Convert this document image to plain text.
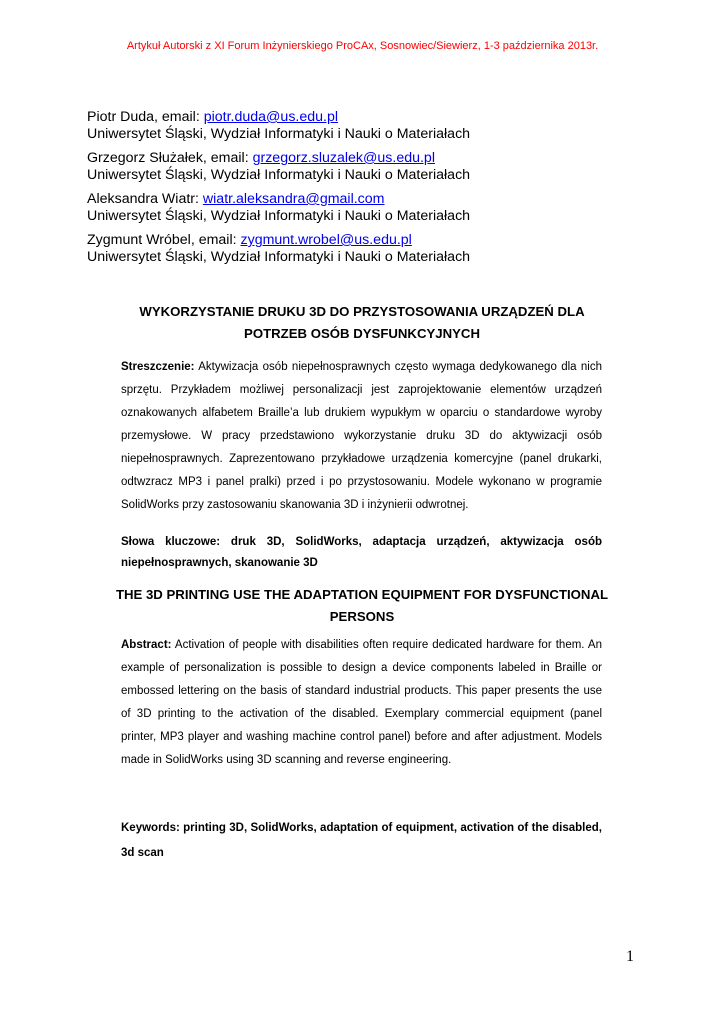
Artykuł Autorski z XI Forum Inżynierskiego ProCAx, Sosnowiec/Siewierz, 1-3 października 2013r.
Piotr Duda, email: piotr.duda@us.edu.pl
Uniwersytet Śląski, Wydział Informatyki i Nauki o Materiałach
Grzegorz Służałek, email: grzegorz.sluzalek@us.edu.pl
Uniwersytet Śląski, Wydział Informatyki i Nauki o Materiałach
Aleksandra Wiatr: wiatr.aleksandra@gmail.com
Uniwersytet Śląski, Wydział Informatyki i Nauki o Materiałach
Zygmunt Wróbel, email: zygmunt.wrobel@us.edu.pl
Uniwersytet Śląski, Wydział Informatyki i Nauki o Materiałach
WYKORZYSTANIE DRUKU 3D DO PRZYSTOSOWANIA URZĄDZEŃ DLA
POTRZEB OSÓB DYSFUNKCYJNYCH
Streszczenie: Aktywizacja osób niepełnosprawnych często wymaga dedykowanego dla nich sprzętu. Przykładem możliwej personalizacji jest zaprojektowanie elementów urządzeń oznakowanych alfabetem Braille’a lub drukiem wypukłym w oparciu o standardowe wyroby przemysłowe. W pracy przedstawiono wykorzystanie druku 3D do aktywizacji osób niepełnosprawnych. Zaprezentowano przykładowe urządzenia komercyjne (panel drukarki, odtwzracz MP3 i panel pralki) przed i po przystosowaniu. Modele wykonano w programie SolidWorks przy zastosowaniu skanowania 3D i inżynierii odwrotnej.
Słowa kluczowe: druk 3D, SolidWorks, adaptacja urządzeń, aktywizacja osób niepełnosprawnych, skanowanie 3D
THE 3D PRINTING USE THE ADAPTATION EQUIPMENT FOR DYSFUNCTIONAL
PERSONS
Abstract: Activation of people with disabilities often require dedicated hardware for them. An example of personalization is possible to design a device components labeled in Braille or embossed lettering on the basis of standard industrial products. This paper presents the use of 3D printing to the activation of the disabled. Exemplary commercial equipment (panel printer, MP3 player and washing machine control panel) before and after adjustment. Models made in SolidWorks using 3D scanning and reverse engineering.
Keywords: printing 3D, SolidWorks, adaptation of equipment, activation of the disabled, 3d scan
1
